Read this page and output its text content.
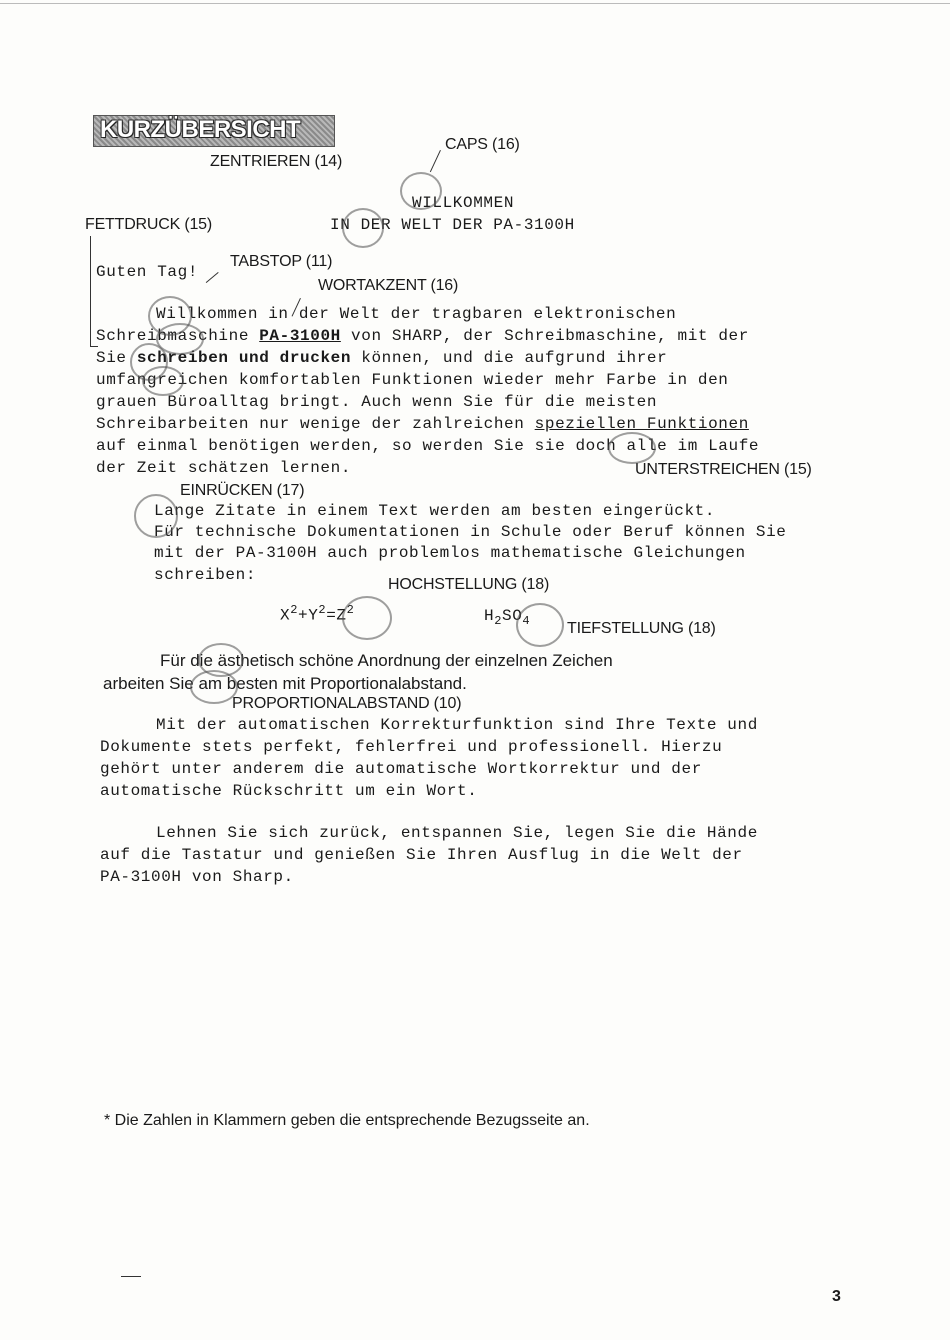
KURZÜBERSICHT
CAPS (16)
ZENTRIEREN (14)
FETTDRUCK (15)
TABSTOP (11)
WORTAKZENT (16)
UNTERSTREICHEN (15)
EINRÜCKEN (17)
HOCHSTELLUNG (18)
TIEFSTELLUNG (18)
PROPORTIONALABSTAND (10)
WILLKOMMEN
IN DER WELT DER PA-3100H
Guten Tag!
Willkommen in der Welt der tragbaren elektronischen
Schreibmaschine PA-3100H von SHARP, der Schreibmaschine, mit der
Sie schreiben und drucken können, und die aufgrund ihrer
umfangreichen komfortablen Funktionen wieder mehr Farbe in den
grauen Büroalltag bringt. Auch wenn Sie für die meisten
Schreibarbeiten nur wenige der zahlreichen speziellen Funktionen
auf einmal benötigen werden, so werden Sie sie doch alle im Laufe
der Zeit schätzen lernen.
Lange Zitate in einem Text werden am besten eingerückt.
Für technische Dokumentationen in Schule oder Beruf können Sie
mit der PA-3100H auch problemlos mathematische Gleichungen
schreiben:
$X^2+Y^2=Z^2$	$H_2SO_4$
Für die ästhetisch schöne Anordnung der einzelnen Zeichen
arbeiten Sie am besten mit Proportionalabstand.
Mit der automatischen Korrekturfunktion sind Ihre Texte und
Dokumente stets perfekt, fehlerfrei und professionell. Hierzu
gehört unter anderem die automatische Wortkorrektur und der
automatische Rückschritt um ein Wort.
Lehnen Sie sich zurück, entspannen Sie, legen Sie die Hände
auf die Tastatur und genießen Sie Ihren Ausflug in die Welt der
PA-3100H von Sharp.
* Die Zahlen in Klammern geben die entsprechende Bezugsseite an.
3
